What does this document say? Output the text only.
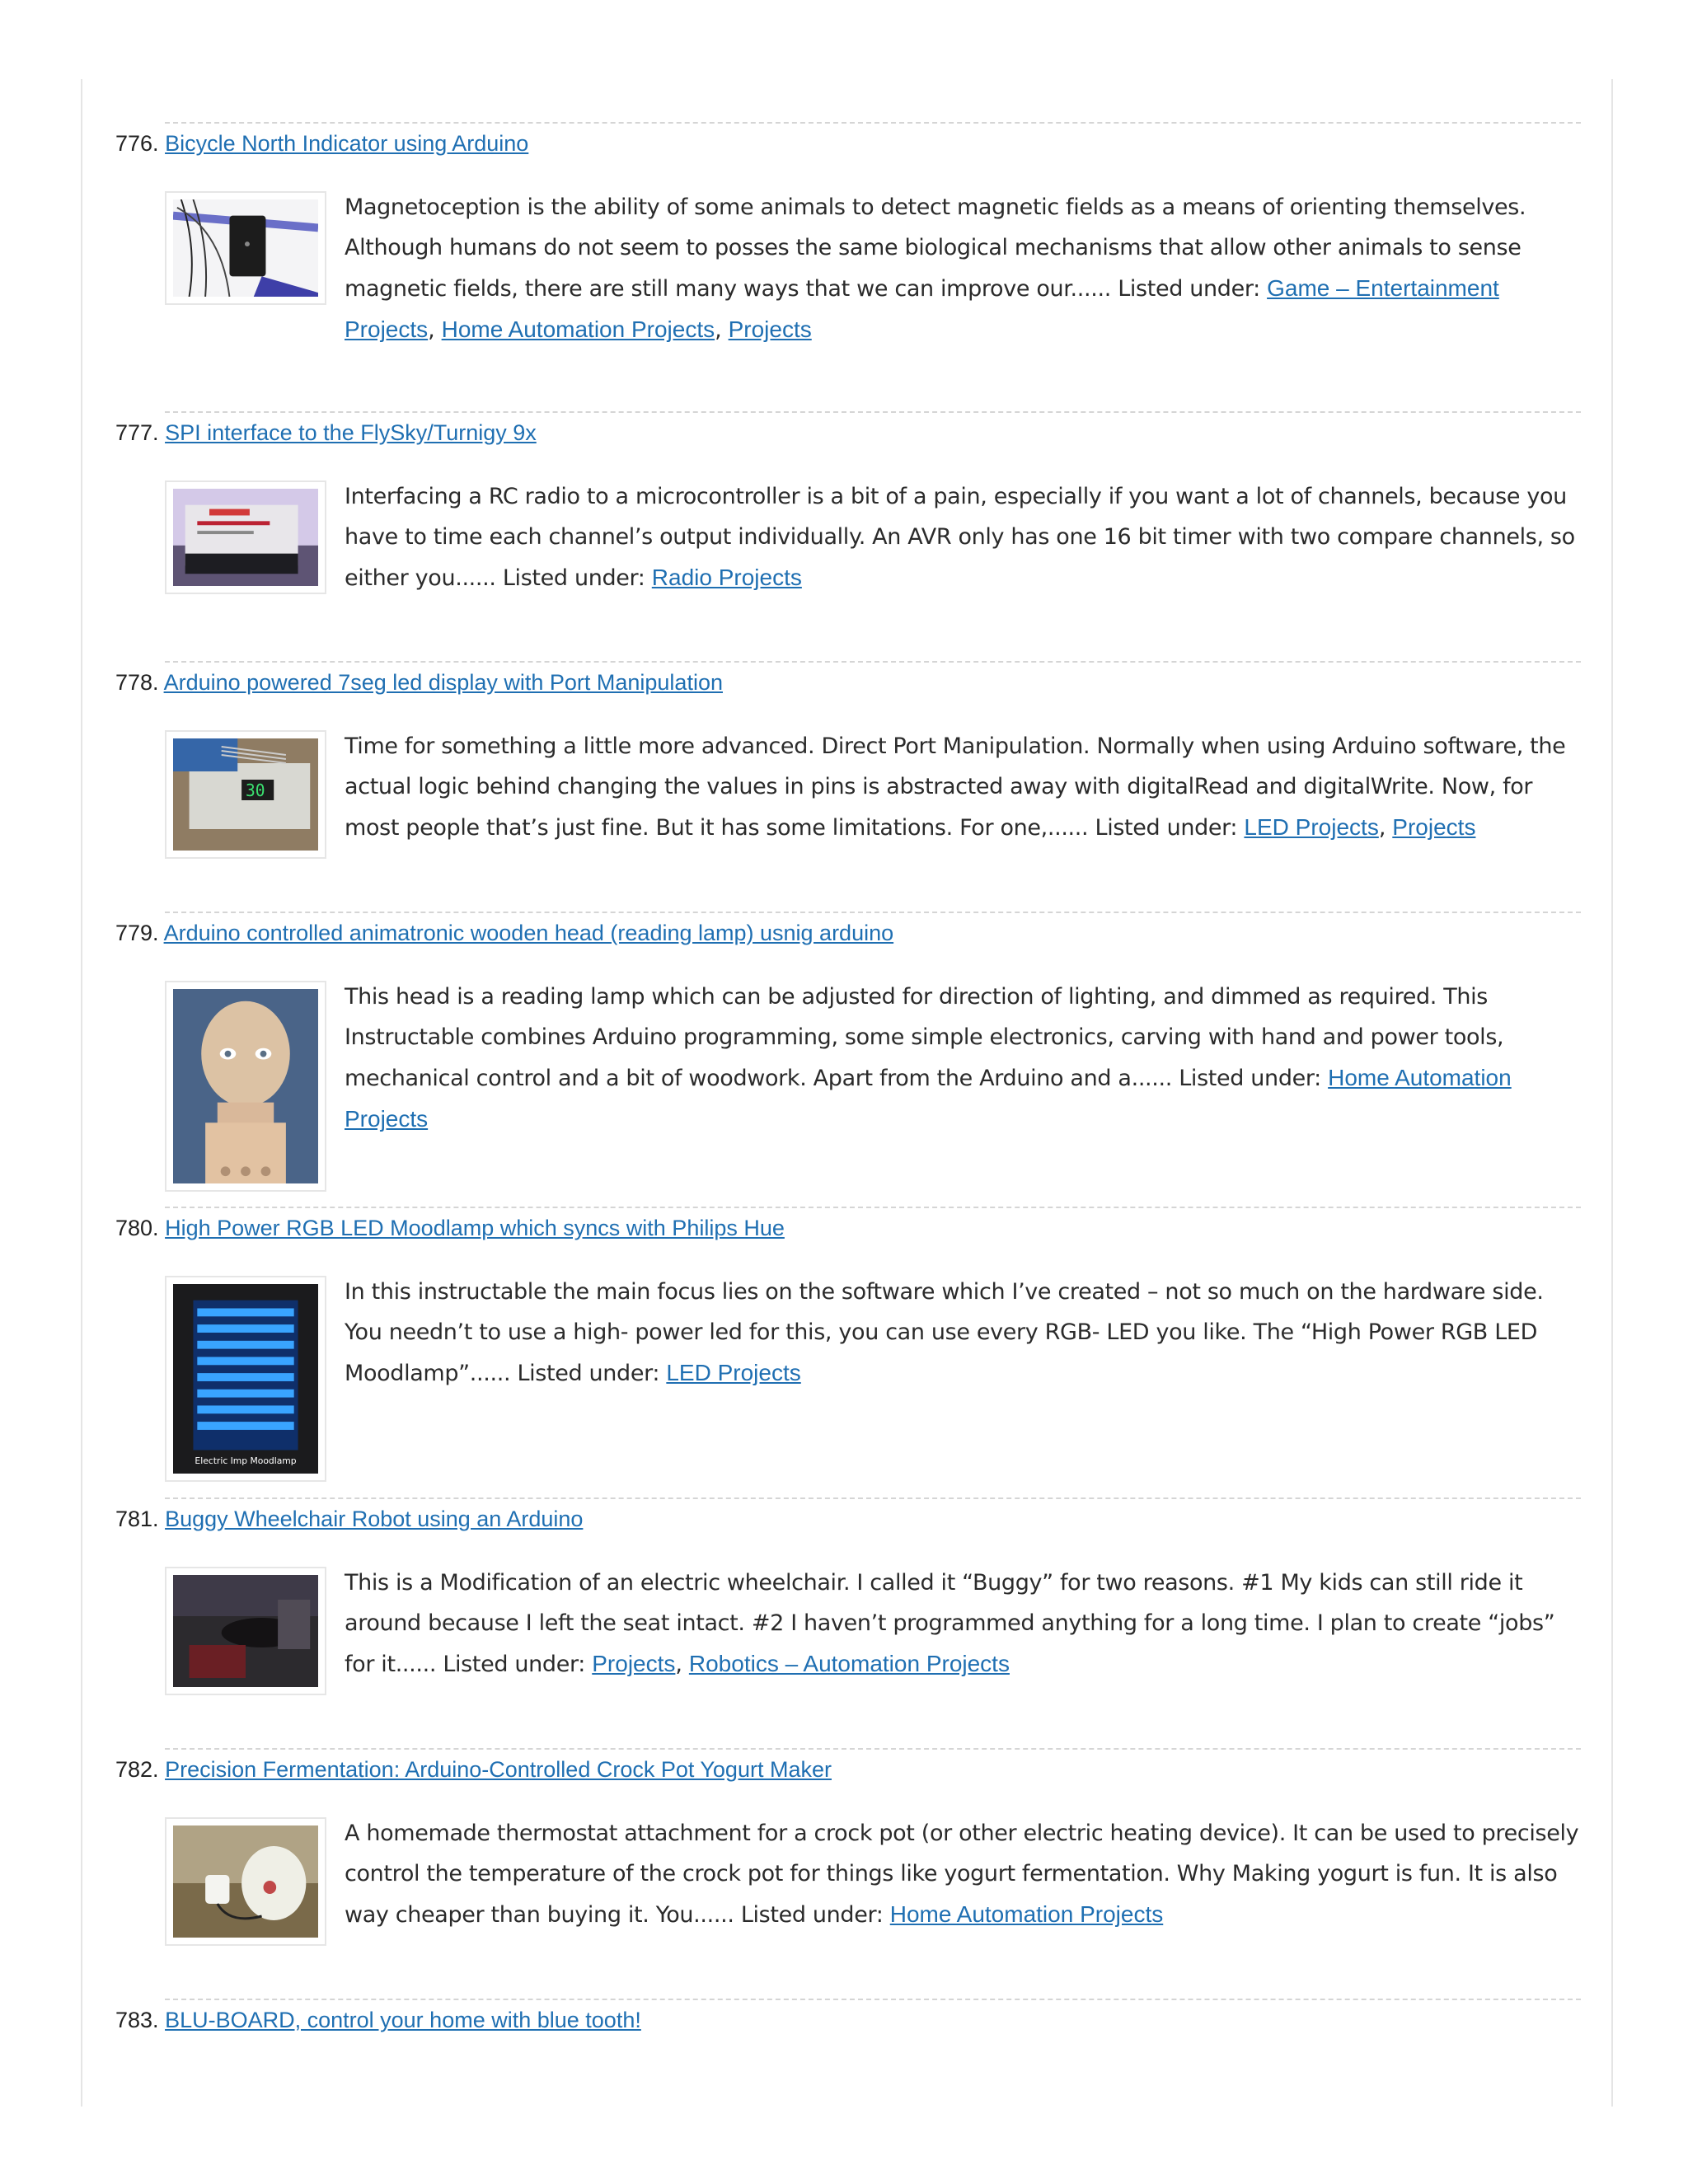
776. Bicycle North Indicator using Arduino
Magnetoception is the ability of some animals to detect magnetic fields as a means of orienting themselves. Although humans do not seem to posses the same biological mechanisms that allow other animals to sense magnetic fields, there are still many ways that we can improve our...... Listed under: Game – Entertainment Projects, Home Automation Projects, Projects
777. SPI interface to the FlySky/Turnigy 9x
Interfacing a RC radio to a microcontroller is a bit of a pain, especially if you want a lot of channels, because you have to time each channel’s output individually. An AVR only has one 16 bit timer with two compare channels, so either you...... Listed under: Radio Projects
778. Arduino powered 7seg led display with Port Manipulation
30
Time for something a little more advanced. Direct Port Manipulation. Normally when using Arduino software, the actual logic behind changing the values in pins is abstracted away with digitalRead and digitalWrite. Now, for most people that’s just fine. But it has some limitations. For one,...... Listed under: LED Projects, Projects
779. Arduino controlled animatronic wooden head (reading lamp) usnig arduino
This head is a reading lamp which can be adjusted for direction of lighting, and dimmed as required. This Instructable combines Arduino programming, some simple electronics, carving with hand and power tools, mechanical control and a bit of woodwork. Apart from the Arduino and a...... Listed under: Home Automation Projects
780. High Power RGB LED Moodlamp which syncs with Philips Hue
Electric Imp Moodlamp
In this instructable the main focus lies on the software which I’ve created – not so much on the hardware side. You needn’t to use a high- power led for this, you can use every RGB- LED you like. The “High Power RGB LED Moodlamp”...... Listed under: LED Projects
781. Buggy Wheelchair Robot using an Arduino
This is a Modification of an electric wheelchair. I called it “Buggy” for two reasons. #1 My kids can still ride it around because I left the seat intact. #2 I haven’t programmed anything for a long time. I plan to create “jobs” for it...... Listed under: Projects, Robotics – Automation Projects
782. Precision Fermentation: Arduino-Controlled Crock Pot Yogurt Maker
A homemade thermostat attachment for a crock pot (or other electric heating device). It can be used to precisely control the temperature of the crock pot for things like yogurt fermentation. Why Making yogurt is fun. It is also way cheaper than buying it. You...... Listed under: Home Automation Projects
783. BLU-BOARD, control your home with blue tooth!
